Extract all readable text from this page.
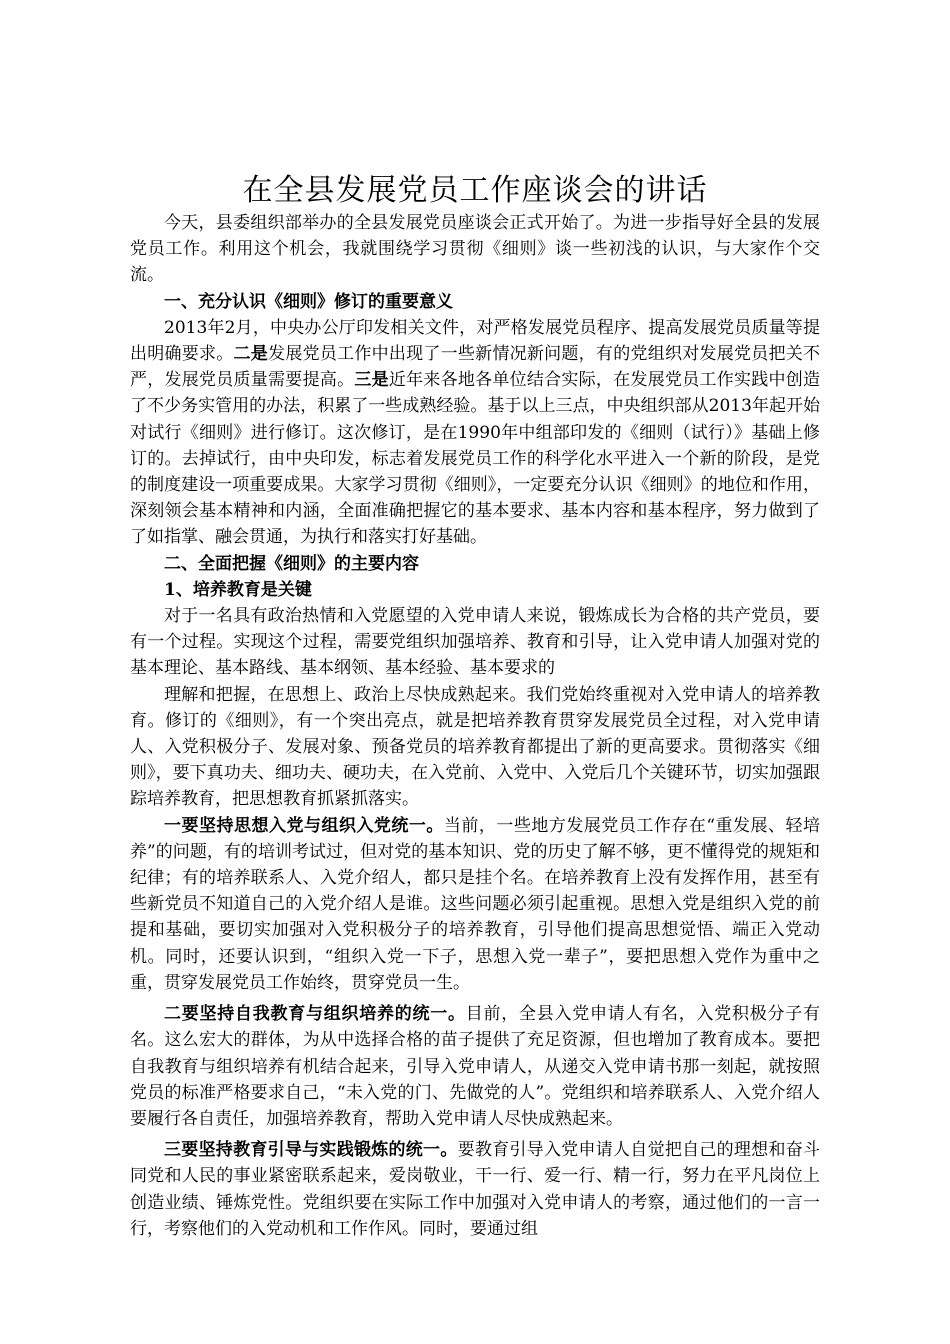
在全县发展党员工作座谈会的讲话

今天，县委组织部举办的全县发展党员座谈会正式开始了。为进一步指导好全县的发展党员工作。利用这个机会，我就围绕学习贯彻《细则》谈一些初浅的认识，与大家作个交流。

一、充分认识《细则》修订的重要意义

2013年2月，中央办公厅印发相关文件，对严格发展党员程序、提高发展党员质量等提出明确要求。二是发展党员工作中出现了一些新情况新问题，有的党组织对发展党员把关不严，发展党员质量需要提高。三是近年来各地各单位结合实际，在发展党员工作实践中创造了不少务实管用的办法，积累了一些成熟经验。基于以上三点，中央组织部从2013年起开始对试行《细则》进行修订。这次修订，是在1990年中组部印发的《细则（试行）》基础上修订的。去掉试行，由中央印发，标志着发展党员工作的科学化水平进入一个新的阶段，是党的制度建设一项重要成果。大家学习贯彻《细则》，一定要充分认识《细则》的地位和作用，深刻领会基本精神和内涵，全面准确把握它的基本要求、基本内容和基本程序，努力做到了了如指掌、融会贯通，为执行和落实打好基础。

二、全面把握《细则》的主要内容

1、培养教育是关键

对于一名具有政治热情和入党愿望的入党申请人来说，锻炼成长为合格的共产党员，要有一个过程。实现这个过程，需要党组织加强培养、教育和引导，让入党申请人加强对党的基本理论、基本路线、基本纲领、基本经验、基本要求的

理解和把握，在思想上、政治上尽快成熟起来。我们党始终重视对入党申请人的培养教育。修订的《细则》，有一个突出亮点，就是把培养教育贯穿发展党员全过程，对入党申请人、入党积极分子、发展对象、预备党员的培养教育都提出了新的更高要求。贯彻落实《细则》，要下真功夫、细功夫、硬功夫，在入党前、入党中、入党后几个关键环节，切实加强跟踪培养教育，把思想教育抓紧抓落实。

一要坚持思想入党与组织入党统一。当前，一些地方发展党员工作存在“重发展、轻培养”的问题，有的培训考试过，但对党的基本知识、党的历史了解不够，更不懂得党的规矩和纪律；有的培养联系人、入党介绍人，都只是挂个名。在培养教育上没有发挥作用，甚至有些新党员不知道自己的入党介绍人是谁。这些问题必须引起重视。思想入党是组织入党的前提和基础，要切实加强对入党积极分子的培养教育，引导他们提高思想觉悟、端正入党动机。同时，还要认识到，“组织入党一下子，思想入党一辈子”，要把思想入党作为重中之重，贯穿发展党员工作始终，贯穿党员一生。

二要坚持自我教育与组织培养的统一。目前，全县入党申请人有名，入党积极分子有名。这么宏大的群体，为从中选择合格的苗子提供了充足资源，但也增加了教育成本。要把自我教育与组织培养有机结合起来，引导入党申请人，从递交入党申请书那一刻起，就按照党员的标准严格要求自己，“未入党的门、先做党的人”。党组织和培养联系人、入党介绍人要履行各自责任，加强培养教育，帮助入党申请人尽快成熟起来。

三要坚持教育引导与实践锻炼的统一。要教育引导入党申请人自觉把自己的理想和奋斗同党和人民的事业紧密联系起来，爱岗敬业，干一行、爱一行、精一行，努力在平凡岗位上创造业绩、锤炼党性。党组织要在实际工作中加强对入党申请人的考察，通过他们的一言一行，考察他们的入党动机和工作作风。同时，要通过组
